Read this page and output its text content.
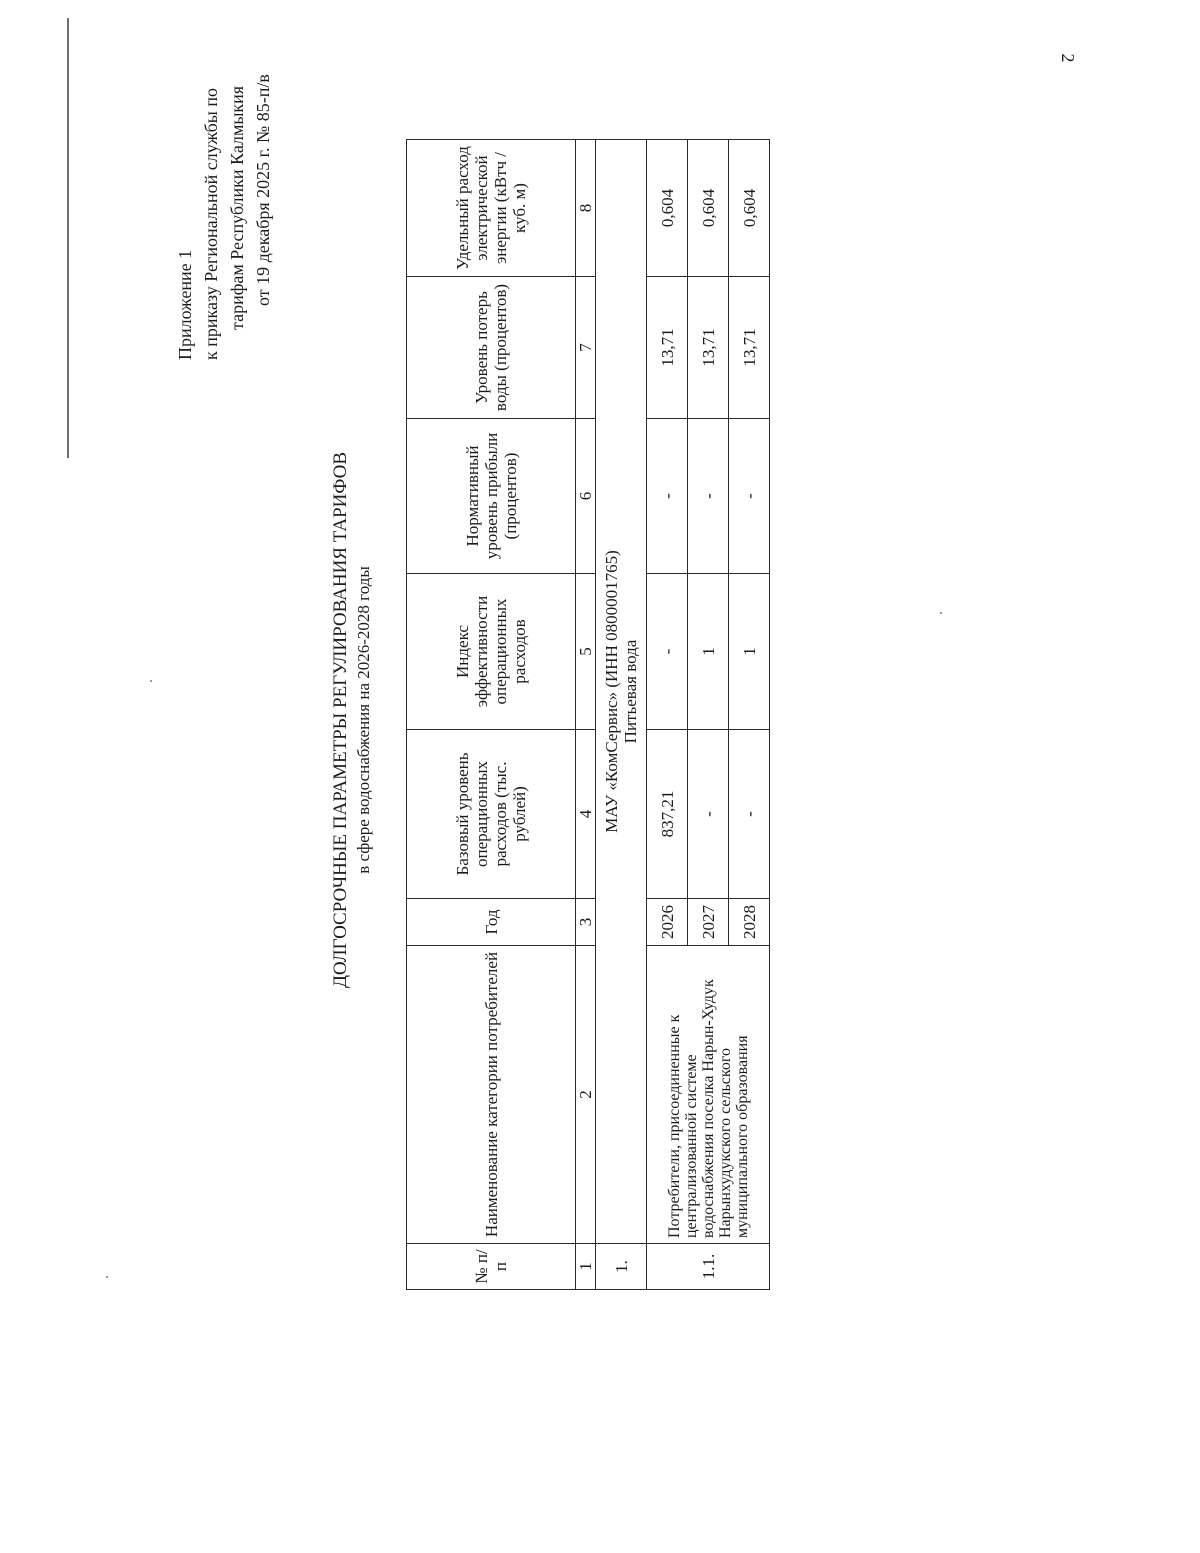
2
Приложение 1 к приказу Региональной службы по тарифам Республики Калмыкия от 19 декабря 2025 г. № 85-п/в
ДОЛГОСРОЧНЫЕ ПАРАМЕТРЫ РЕГУЛИРОВАНИЯ ТАРИФОВ в сфере водоснабжения на 2026-2028 годы
№ п/п	Наименование категории потребителей	Год	Базовый уровень операционных расходов (тыс. рублей)	Индекс эффективности операционных расходов	Нормативный уровень прибыли (процентов)	Уровень потерь воды (процентов)	Удельный расход электрической энергии (кВтч / куб. м)
1	2	3	4	5	6	7	8
1.	МАУ «КомСервис» (ИНН 0800001765) Питьевая вода						

1.1.	Потребители, присоединенные к централизованной системе водоснабжения поселка Нарын-Худук Нарынхудукского сельского муниципального образования	2026	837,21	-	-	13,71	0,604
		2027	-	1	-	13,71	0,604
		2028	-	1	-	13,71	0,604
